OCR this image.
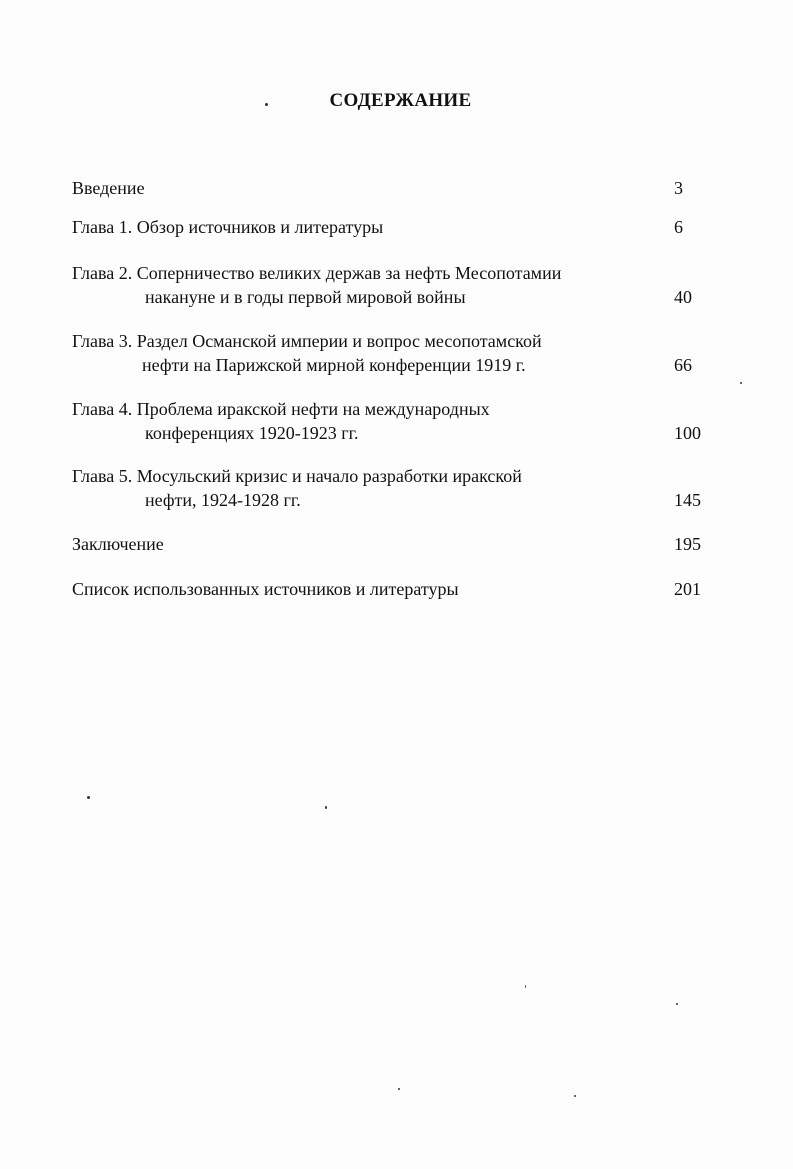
СОДЕРЖАНИЕ
Введение	3
Глава 1. Обзор источников и литературы	6
Глава 2. Соперничество великих держав за нефть Месопотамии
накануне и в годы первой мировой войны	40
Глава 3. Раздел Османской империи и вопрос месопотамской
нефти на Парижской мирной конференции 1919 г.	66
Глава 4. Проблема иракской нефти на международных
конференциях 1920-1923 гг.	100
Глава 5. Мосульский кризис и начало разработки иракской
нефти, 1924-1928 гг.	145
Заключение	195
Список использованных источников и литературы	201
